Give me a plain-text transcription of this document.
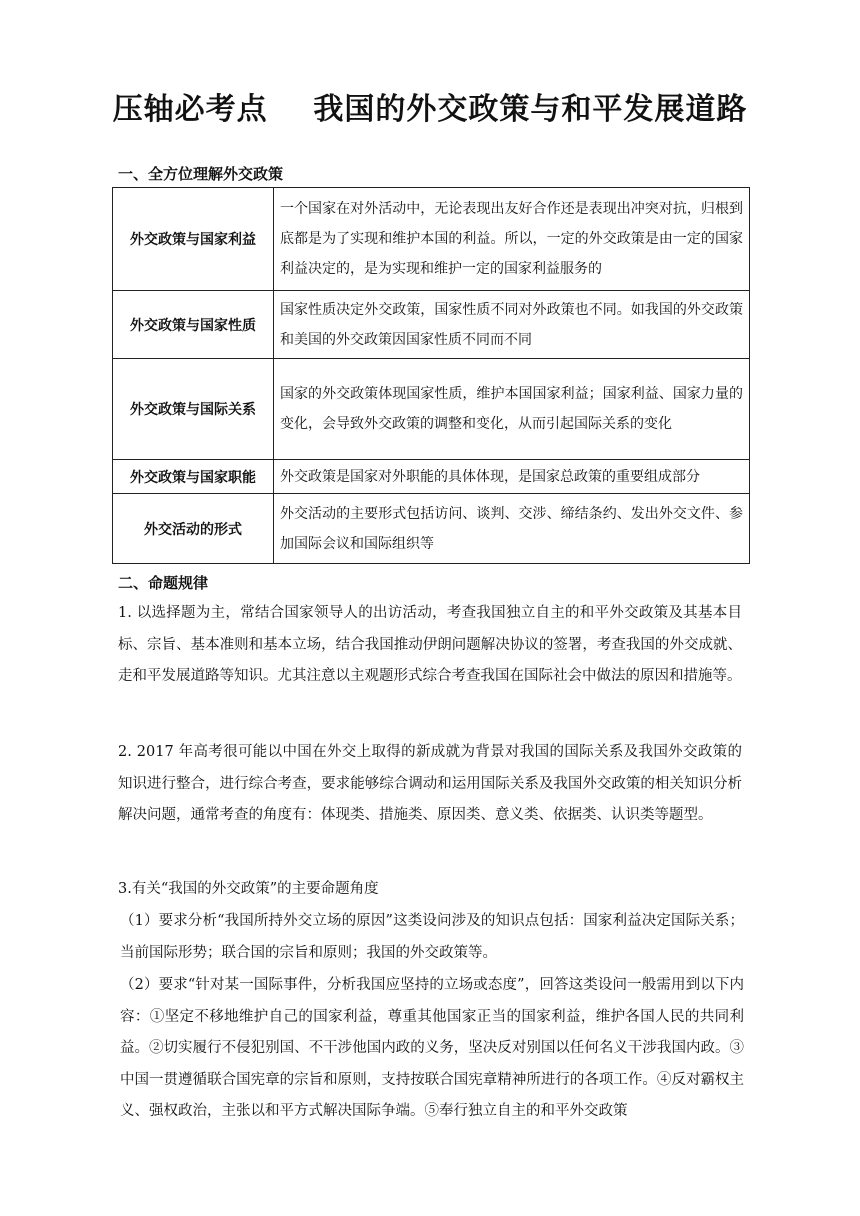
压轴必考点    我国的外交政策与和平发展道路
一、全方位理解外交政策
外交政策与国家利益	一个国家在对外活动中，无论表现出友好合作还是表现出冲突对抗，归根到底都是为了实现和维护本国的利益。所以，一定的外交政策是由一定的国家利益决定的，是为实现和维护一定的国家利益服务的
外交政策与国家性质	国家性质决定外交政策，国家性质不同对外政策也不同。如我国的外交政策和美国的外交政策因国家性质不同而不同
外交政策与国际关系	国家的外交政策体现国家性质，维护本国国家利益；国家利益、国家力量的变化，会导致外交政策的调整和变化，从而引起国际关系的变化
外交政策与国家职能	外交政策是国家对外职能的具体体现，是国家总政策的重要组成部分
外交活动的形式	外交活动的主要形式包括访问、谈判、交涉、缔结条约、发出外交文件、参加国际会议和国际组织等
二、命题规律

1. 以选择题为主，常结合国家领导人的出访活动，考查我国独立自主的和平外交政策及其基本目标、宗旨、基本准则和基本立场，结合我国推动伊朗问题解决协议的签署，考查我国的外交成就、走和平发展道路等知识。尤其注意以主观题形式综合考查我国在国际社会中做法的原因和措施等。

2. 2017 年高考很可能以中国在外交上取得的新成就为背景对我国的国际关系及我国外交政策的知识进行整合，进行综合考查，要求能够综合调动和运用国际关系及我国外交政策的相关知识分析解决问题，通常考查的角度有：体现类、措施类、原因类、意义类、依据类、认识类等题型。

3.有关“我国的外交政策”的主要命题角度

（1）要求分析“我国所持外交立场的原因”这类设问涉及的知识点包括：国家利益决定国际关系；当前国际形势；联合国的宗旨和原则；我国的外交政策等。

（2）要求“针对某一国际事件，分析我国应坚持的立场或态度”，回答这类设问一般需用到以下内容：①坚定不移地维护自己的国家利益，尊重其他国家正当的国家利益，维护各国人民的共同利益。②切实履行不侵犯别国、不干涉他国内政的义务，坚决反对别国以任何名义干涉我国内政。③中国一贯遵循联合国宪章的宗旨和原则，支持按联合国宪章精神所进行的各项工作。④反对霸权主义、强权政治，主张以和平方式解决国际争端。⑤奉行独立自主的和平外交政策
